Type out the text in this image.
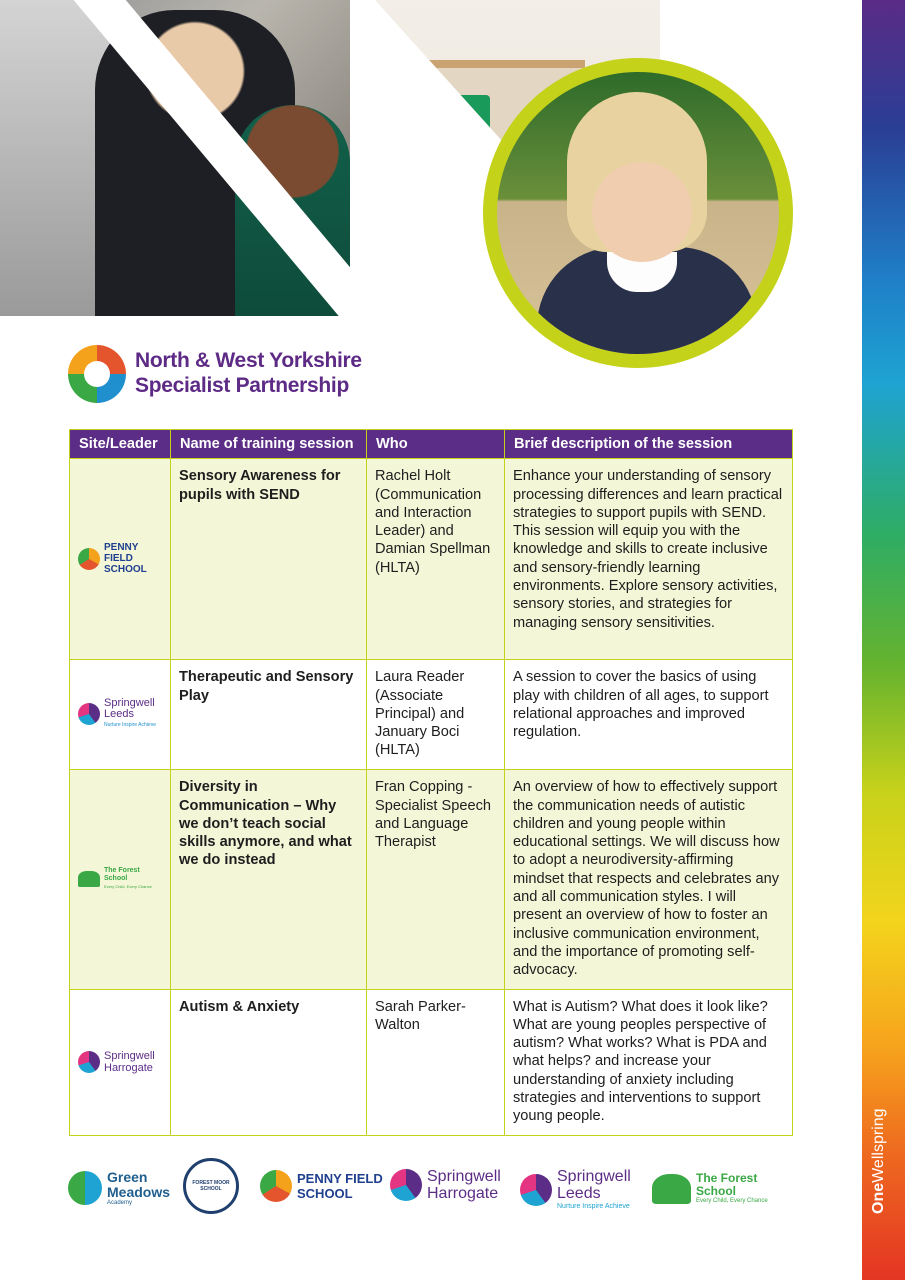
North & West Yorkshire
Specialist Partnership
Site/Leader	Name of training session	Who	Brief description of the session

PENNY FIELD
SCHOOL	Sensory Awareness for pupils with SEND	Rachel Holt (Communication and Interaction Leader) and Damian Spellman (HLTA)	Enhance your understanding of sensory processing differences and learn practical strategies to support pupils with SEND. This session will equip you with the knowledge and skills to create inclusive and sensory-friendly learning environments. Explore sensory activities, sensory stories, and strategies for managing sensory sensitivities.

Springwell
Leeds
Nurture Inspire Achieve	Therapeutic and Sensory Play	Laura Reader (Associate Principal) and January Boci (HLTA)	A session to cover the basics of using play with children of all ages, to support relational approaches and improved regulation.

The Forest School
Every Child, Every Chance	Diversity in Communication – Why we don’t teach social skills anymore, and what we do instead	Fran Copping - Specialist Speech and Language Therapist	An overview of how to effectively support the communication needs of autistic children and young people within educational settings. We will discuss how to adopt a neurodiversity-affirming mindset that respects and celebrates any and all communication styles. I will present an overview of how to foster an inclusive communication environment, and the importance of promoting self-advocacy.

Springwell
Harrogate	Autism & Anxiety	Sarah Parker-Walton	What is Autism? What does it look like? What are young peoples perspective of autism? What works? What is PDA and what helps? and increase your understanding of anxiety including strategies and interventions to support young people.
Green
Meadows
Academy
FOREST MOOR SCHOOL
PENNY FIELD
SCHOOL
Springwell
Harrogate
Springwell
Leeds
Nurture Inspire Achieve
The Forest School
Every Child, Every Chance	OneWellspring
